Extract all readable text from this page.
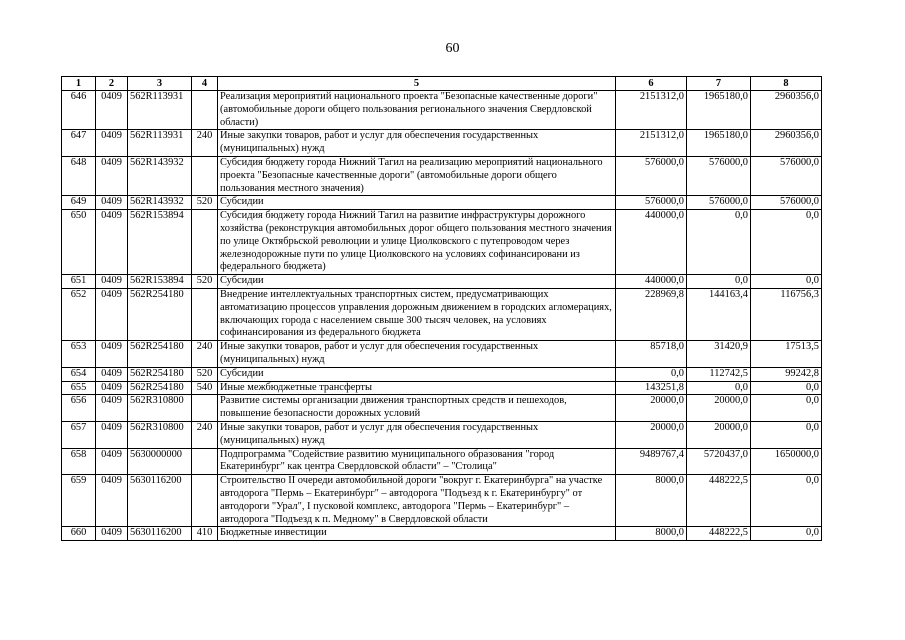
60
1	2	3	4	5	6	7	8
646	0409	562R113931		Реализация мероприятий национального проекта "Безопасные качественные дороги" (автомобильные дороги общего пользования регионального значения Свердловской области)	2151312,0	1965180,0	2960356,0
647	0409	562R113931	240	Иные закупки товаров, работ и услуг для обеспечения государственных (муниципальных) нужд	2151312,0	1965180,0	2960356,0
648	0409	562R143932		Субсидия бюджету города Нижний Тагил на реализацию мероприятий национального проекта "Безопасные качественные дороги" (автомобильные дороги общего пользования местного значения)	576000,0	576000,0	576000,0
649	0409	562R143932	520	Субсидии	576000,0	576000,0	576000,0
650	0409	562R153894		Субсидия бюджету города Нижний Тагил на развитие инфраструктуры дорожного хозяйства (реконструкция автомобильных дорог общего пользования местного значения по улице Октябрьской революции и улице Циолковского с путепроводом через железнодорожные пути по улице Циолковского на условиях софинансировани из федерального бюджета)	440000,0	0,0	0,0
651	0409	562R153894	520	Субсидии	440000,0	0,0	0,0
652	0409	562R254180		Внедрение интеллектуальных транспортных систем, предусматривающих автоматизацию процессов управления дорожным движением в городских агломерациях, включающих города с населением свыше 300 тысяч человек, на условиях софинансирования из федерального бюджета	228969,8	144163,4	116756,3
653	0409	562R254180	240	Иные закупки товаров, работ и услуг для обеспечения государственных (муниципальных) нужд	85718,0	31420,9	17513,5
654	0409	562R254180	520	Субсидии	0,0	112742,5	99242,8
655	0409	562R254180	540	Иные межбюджетные трансферты	143251,8	0,0	0,0
656	0409	562R310800		Развитие системы организации движения транспортных средств и пешеходов, повышение безопасности дорожных условий	20000,0	20000,0	0,0
657	0409	562R310800	240	Иные закупки товаров, работ и услуг для обеспечения государственных (муниципальных) нужд	20000,0	20000,0	0,0
658	0409	5630000000		Подпрограмма "Содействие развитию муниципального образования "город Екатеринбург" как центра Свердловской области" – "Столица"	9489767,4	5720437,0	1650000,0
659	0409	5630116200		Строительство II очереди автомобильной дороги "вокруг г. Екатеринбурга" на участке автодорога "Пермь – Екатеринбург" – автодорога "Подъезд к г. Екатеринбургу" от автодороги "Урал", I пусковой комплекс, автодорога "Пермь – Екатеринбург" – автодорога "Подъезд к п. Медному" в Свердловской области	8000,0	448222,5	0,0
660	0409	5630116200	410	Бюджетные инвестиции	8000,0	448222,5	0,0
